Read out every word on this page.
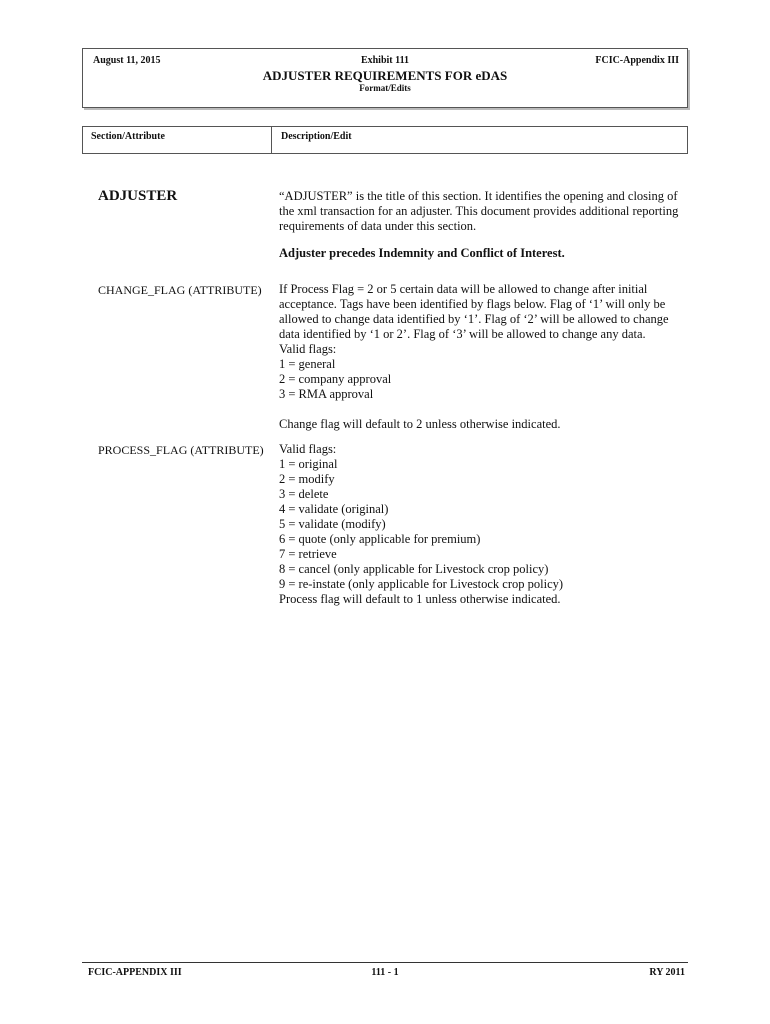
August 11, 2015	Exhibit 111	FCIC-Appendix III
ADJUSTER REQUIREMENTS FOR eDAS
Format/Edits
Section/Attribute	Description/Edit
ADJUSTER	“ADJUSTER” is the title of this section. It identifies the opening and closing of the xml transaction for an adjuster. This document provides additional reporting requirements of data under this section.

Adjuster precedes Indemnity and Conflict of Interest.

CHANGE_FLAG (ATTRIBUTE) If Process Flag = 2 or 5 certain data will be allowed to change after initial acceptance. Tags have been identified by flags below. Flag of ‘1’ will only be allowed to change data identified by ‘1’. Flag of ‘2’ will be allowed to change data identified by ‘1 or 2’. Flag of ‘3’ will be allowed to change any data.

Valid flags:
1 = general
2 = company approval
3 = RMA approval

Change flag will default to 2 unless otherwise indicated.

PROCESS_FLAG (ATTRIBUTE) Valid flags:
1 = original
2 = modify
3 = delete
4 = validate (original)
5 = validate (modify)
6 = quote (only applicable for premium)
7 = retrieve
8 = cancel (only applicable for Livestock crop policy)
9 = re-instate (only applicable for Livestock crop policy)
Process flag will default to 1 unless otherwise indicated.
FCIC-APPENDIX III	111 - 1	RY 2011
